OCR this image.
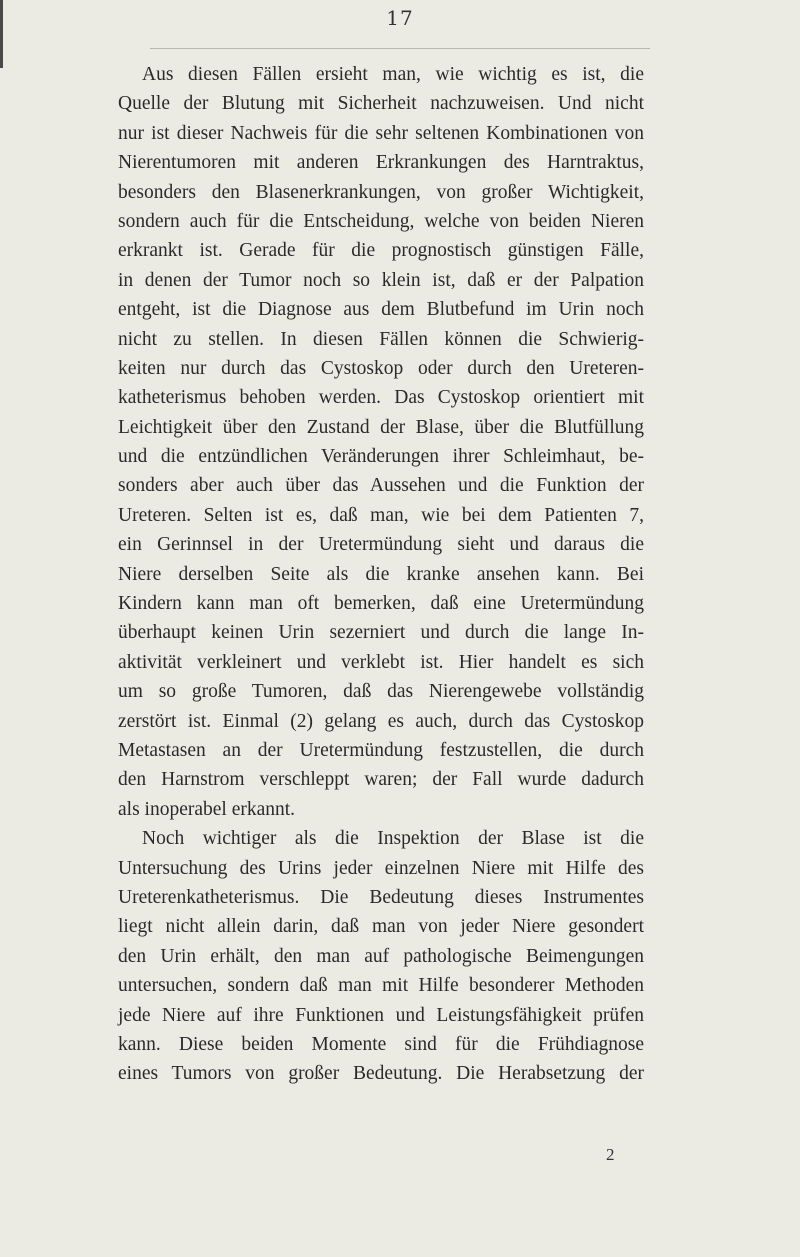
17
Aus diesen Fällen ersieht man, wie wichtig es ist, die
Quelle der Blutung mit Sicherheit nachzuweisen. Und nicht
nur ist dieser Nachweis für die sehr seltenen Kombinationen von
Nierentumoren mit anderen Erkrankungen des Harntraktus,
besonders den Blasenerkrankungen, von großer Wichtigkeit,
sondern auch für die Entscheidung, welche von beiden Nieren
erkrankt ist. Gerade für die prognostisch günstigen Fälle,
in denen der Tumor noch so klein ist, daß er der Palpation
entgeht, ist die Diagnose aus dem Blutbefund im Urin noch
nicht zu stellen. In diesen Fällen können die Schwierig-
keiten nur durch das Cystoskop oder durch den Ureteren-
katheterismus behoben werden. Das Cystoskop orientiert mit
Leichtigkeit über den Zustand der Blase, über die Blutfüllung
und die entzündlichen Veränderungen ihrer Schleimhaut, be-
sonders aber auch über das Aussehen und die Funktion der
Ureteren. Selten ist es, daß man, wie bei dem Patienten 7,
ein Gerinnsel in der Uretermündung sieht und daraus die
Niere derselben Seite als die kranke ansehen kann. Bei
Kindern kann man oft bemerken, daß eine Uretermündung
überhaupt keinen Urin sezerniert und durch die lange In-
aktivität verkleinert und verklebt ist. Hier handelt es sich
um so große Tumoren, daß das Nierengewebe vollständig
zerstört ist. Einmal (2) gelang es auch, durch das Cystoskop
Metastasen an der Uretermündung festzustellen, die durch
den Harnstrom verschleppt waren; der Fall wurde dadurch
als inoperabel erkannt.
Noch wichtiger als die Inspektion der Blase ist die
Untersuchung des Urins jeder einzelnen Niere mit Hilfe des
Ureterenkatheterismus. Die Bedeutung dieses Instrumentes
liegt nicht allein darin, daß man von jeder Niere gesondert
den Urin erhält, den man auf pathologische Beimengungen
untersuchen, sondern daß man mit Hilfe besonderer Methoden
jede Niere auf ihre Funktionen und Leistungsfähigkeit prüfen
kann. Diese beiden Momente sind für die Frühdiagnose
eines Tumors von großer Bedeutung. Die Herabsetzung der
2
